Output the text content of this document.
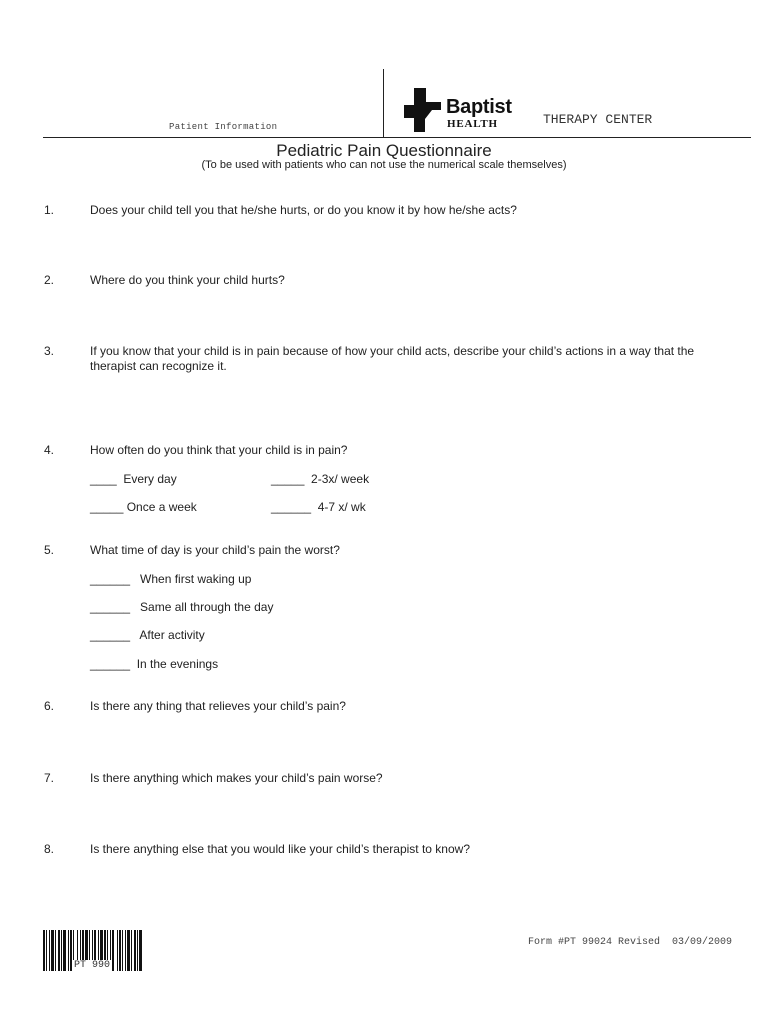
Patient Information
Baptist
HEALTH	THERAPY CENTER
Pediatric Pain Questionnaire
(To be used with patients who can not use the numerical scale themselves)
1.	Does your child tell you that he/she hurts, or do you know it by how he/she acts?
2.	Where do you think your child hurts?
3.	If you know that your child is in pain because of how your child acts, describe your child’s actions in a way that the therapist can recognize it.
4.	How often do you think that your child is in pain?
____  Every day	_____  2-3x/ week
_____ Once a week	______  4-7 x/ wk
5.	What time of day is your child’s pain the worst?
______   When first waking up
______   Same all through the day
______   After activity
______  In the evenings
6.	Is there any thing that relieves your child’s pain?
7.	Is there anything which makes your child’s pain worse?
8.	Is there anything else that you would like your child’s therapist to know?
PT 990
Form #PT 99024 Revised  03/09/2009
